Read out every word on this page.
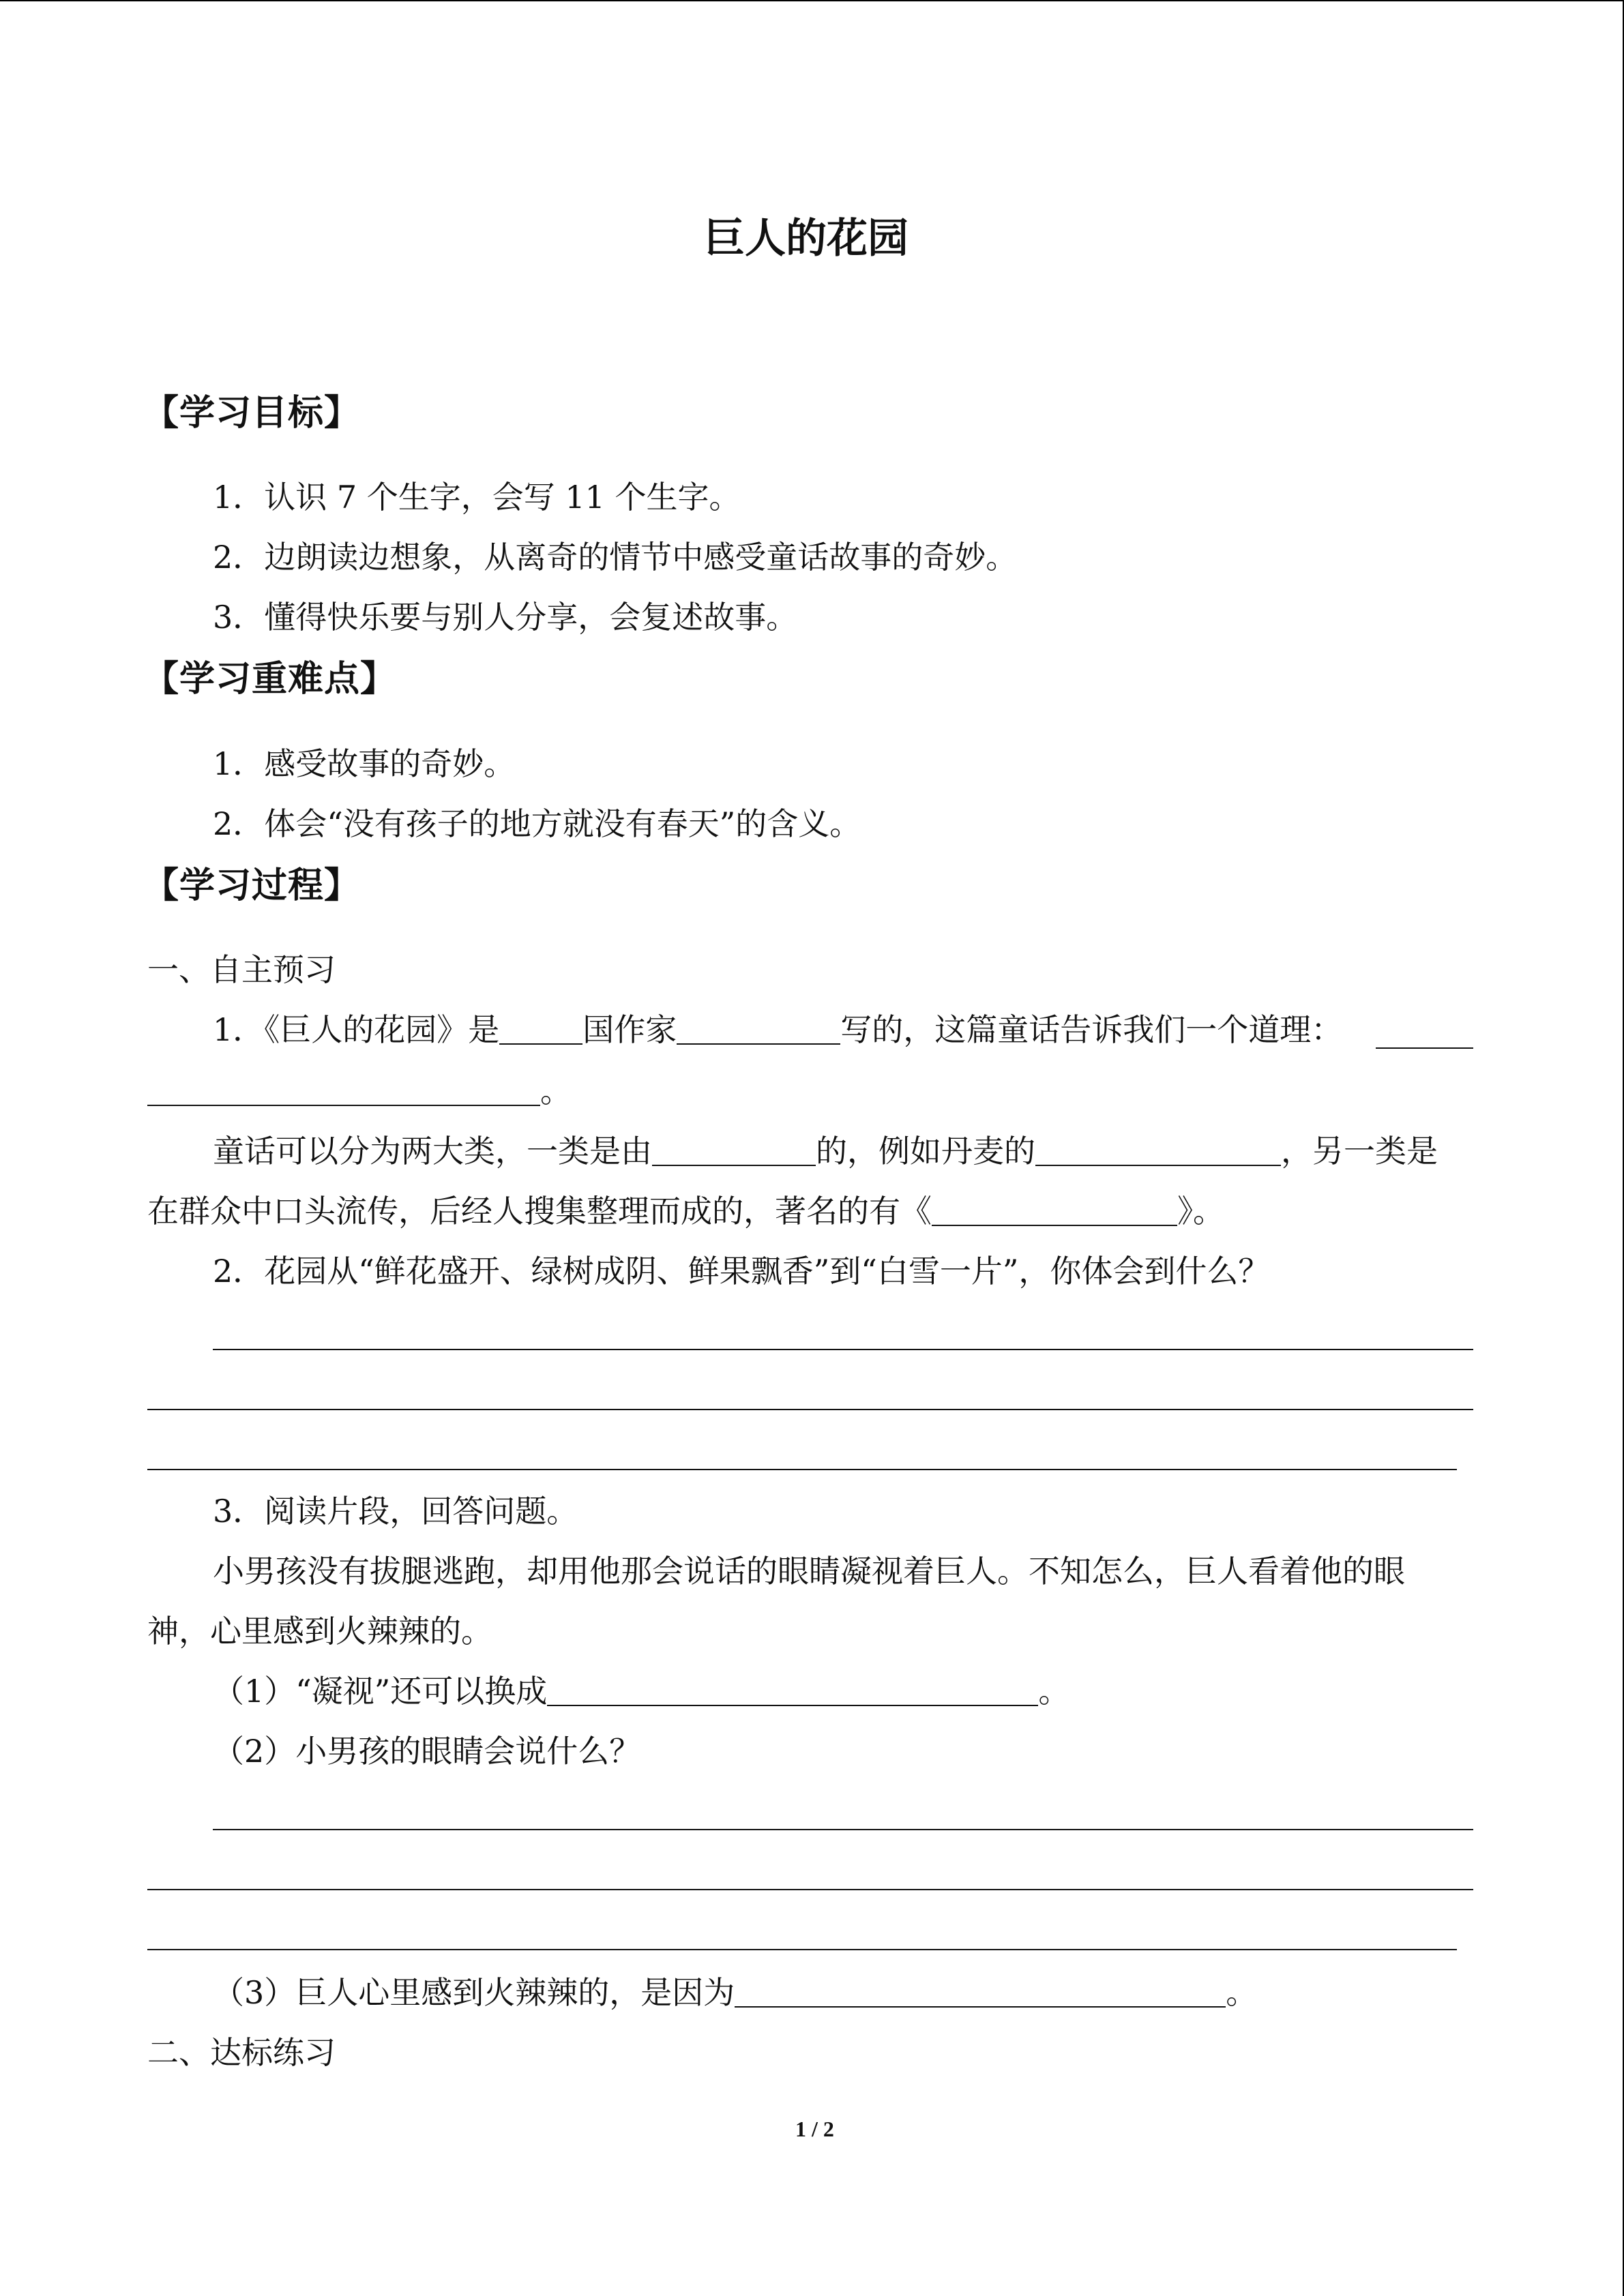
巨人的花园
【学习目标】
1．认识 7 个生字，会写 11 个生字。
2．边朗读边想象，从离奇的情节中感受童话故事的奇妙。
3．懂得快乐要与别人分享，会复述故事。
【学习重难点】
1．感受故事的奇妙。
2．体会“没有孩子的地方就没有春天”的含义。
【学习过程】
一、自主预习
1．《巨人的花园》是	国作家	写的，这篇童话告诉我们一个道理：
。
童话可以分为两大类，一类是由	的，例如丹麦的	，另一类是
在群众中口头流传，后经人搜集整理而成的，著名的有《	》。
2．花园从“鲜花盛开、绿树成阴、鲜果飘香”到“白雪一片”，你体会到什么？
3．阅读片段，回答问题。
小男孩没有拔腿逃跑，却用他那会说话的眼睛凝视着巨人。不知怎么，巨人看着他的眼
神，心里感到火辣辣的。
（1）“凝视”还可以换成	。
（2）小男孩的眼睛会说什么？
（3）巨人心里感到火辣辣的，是因为	。
二、达标练习
1 / 2
